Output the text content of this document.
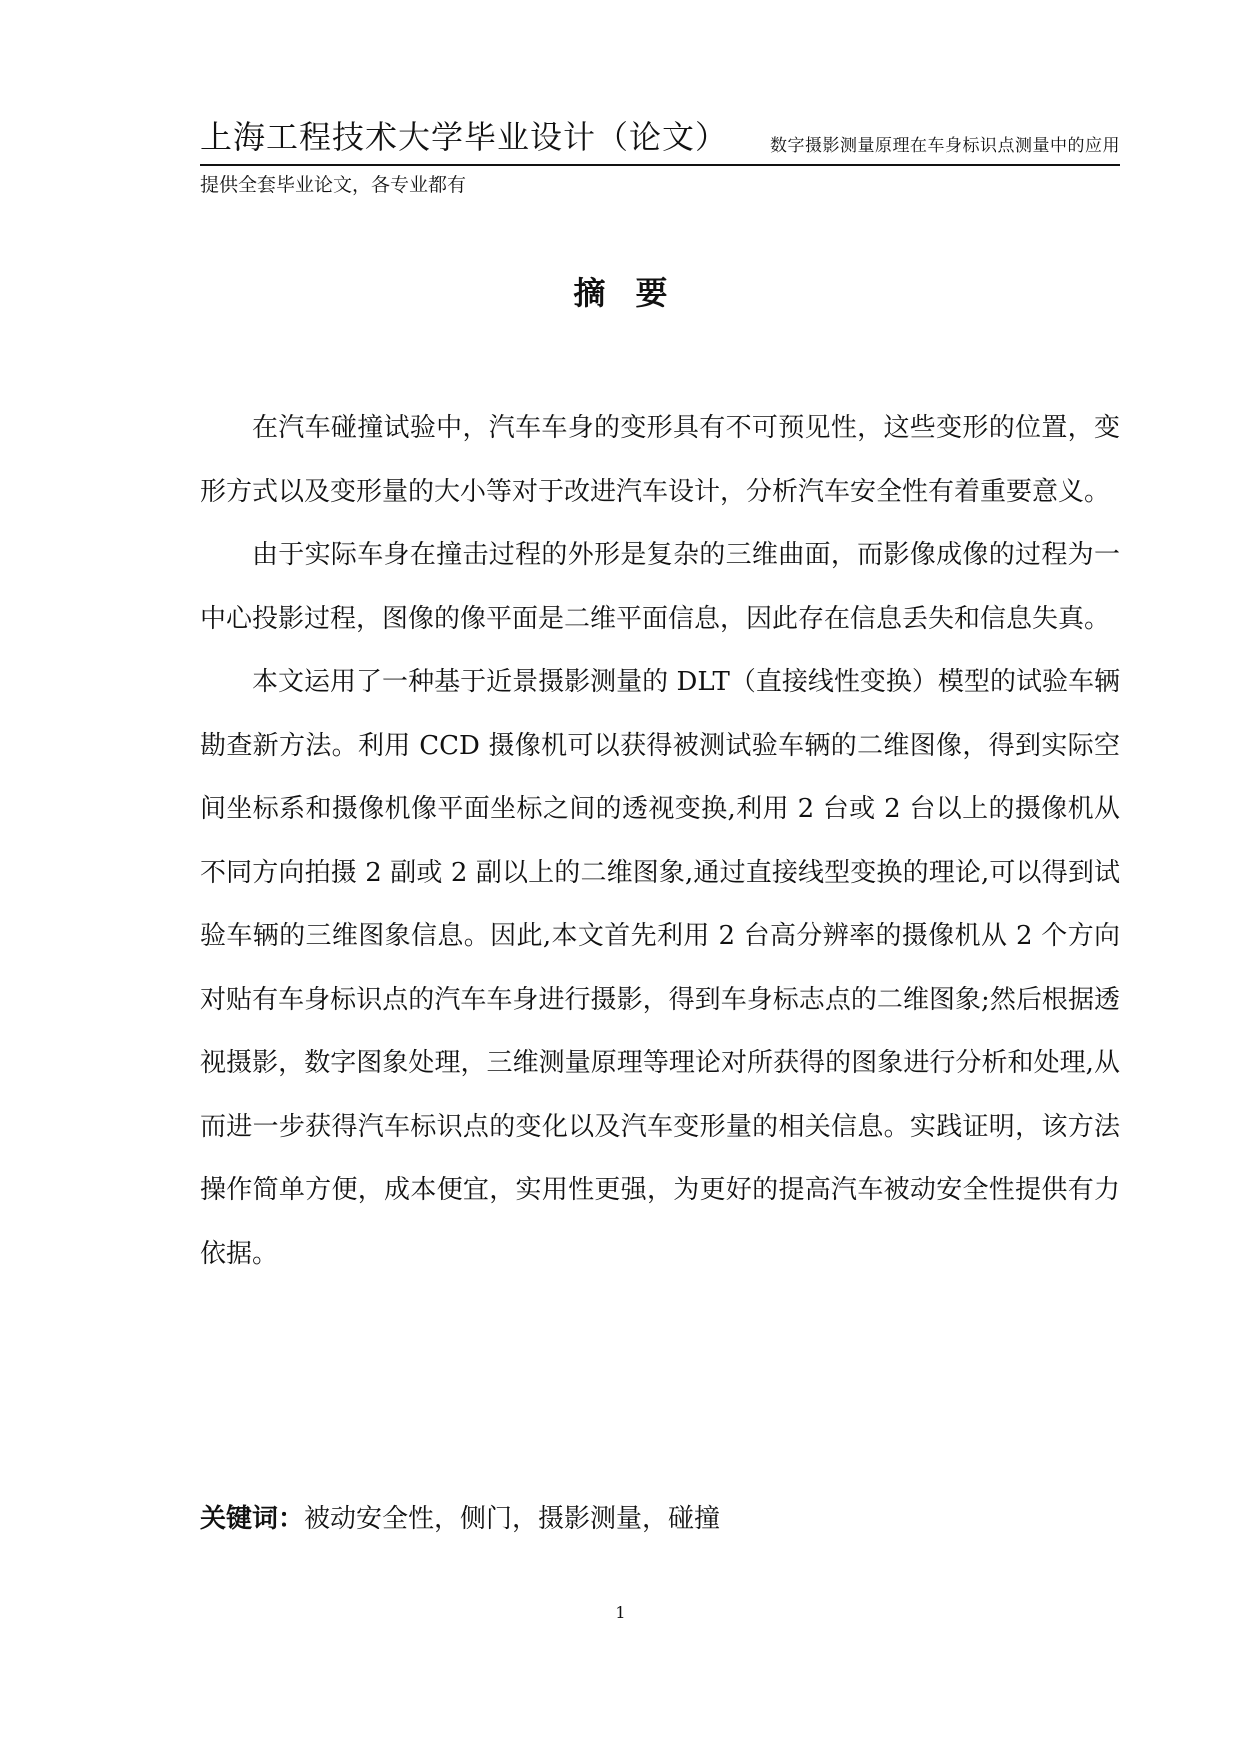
上海工程技术大学毕业设计（论文） 数字摄影测量原理在车身标识点测量中的应用
提供全套毕业论文，各专业都有
摘要

在汽车碰撞试验中，汽车车身的变形具有不可预见性，这些变形的位置，变形方式以及变形量的大小等对于改进汽车设计，分析汽车安全性有着重要意义。

由于实际车身在撞击过程的外形是复杂的三维曲面，而影像成像的过程为一中心投影过程，图像的像平面是二维平面信息，因此存在信息丢失和信息失真。

本文运用了一种基于近景摄影测量的 DLT（直接线性变换）模型的试验车辆勘查新方法。利用 CCD 摄像机可以获得被测试验车辆的二维图像，得到实际空间坐标系和摄像机像平面坐标之间的透视变换,利用 2 台或 2 台以上的摄像机从不同方向拍摄 2 副或 2 副以上的二维图象,通过直接线型变换的理论,可以得到试验车辆的三维图象信息。因此,本文首先利用 2 台高分辨率的摄像机从 2 个方向对贴有车身标识点的汽车车身进行摄影，得到车身标志点的二维图象;然后根据透视摄影，数字图象处理，三维测量原理等理论对所获得的图象进行分析和处理,从而进一步获得汽车标识点的变化以及汽车变形量的相关信息。实践证明，该方法操作简单方便，成本便宜，实用性更强，为更好的提高汽车被动安全性提供有力依据。

关键词：被动安全性，侧门，摄影测量，碰撞
1
